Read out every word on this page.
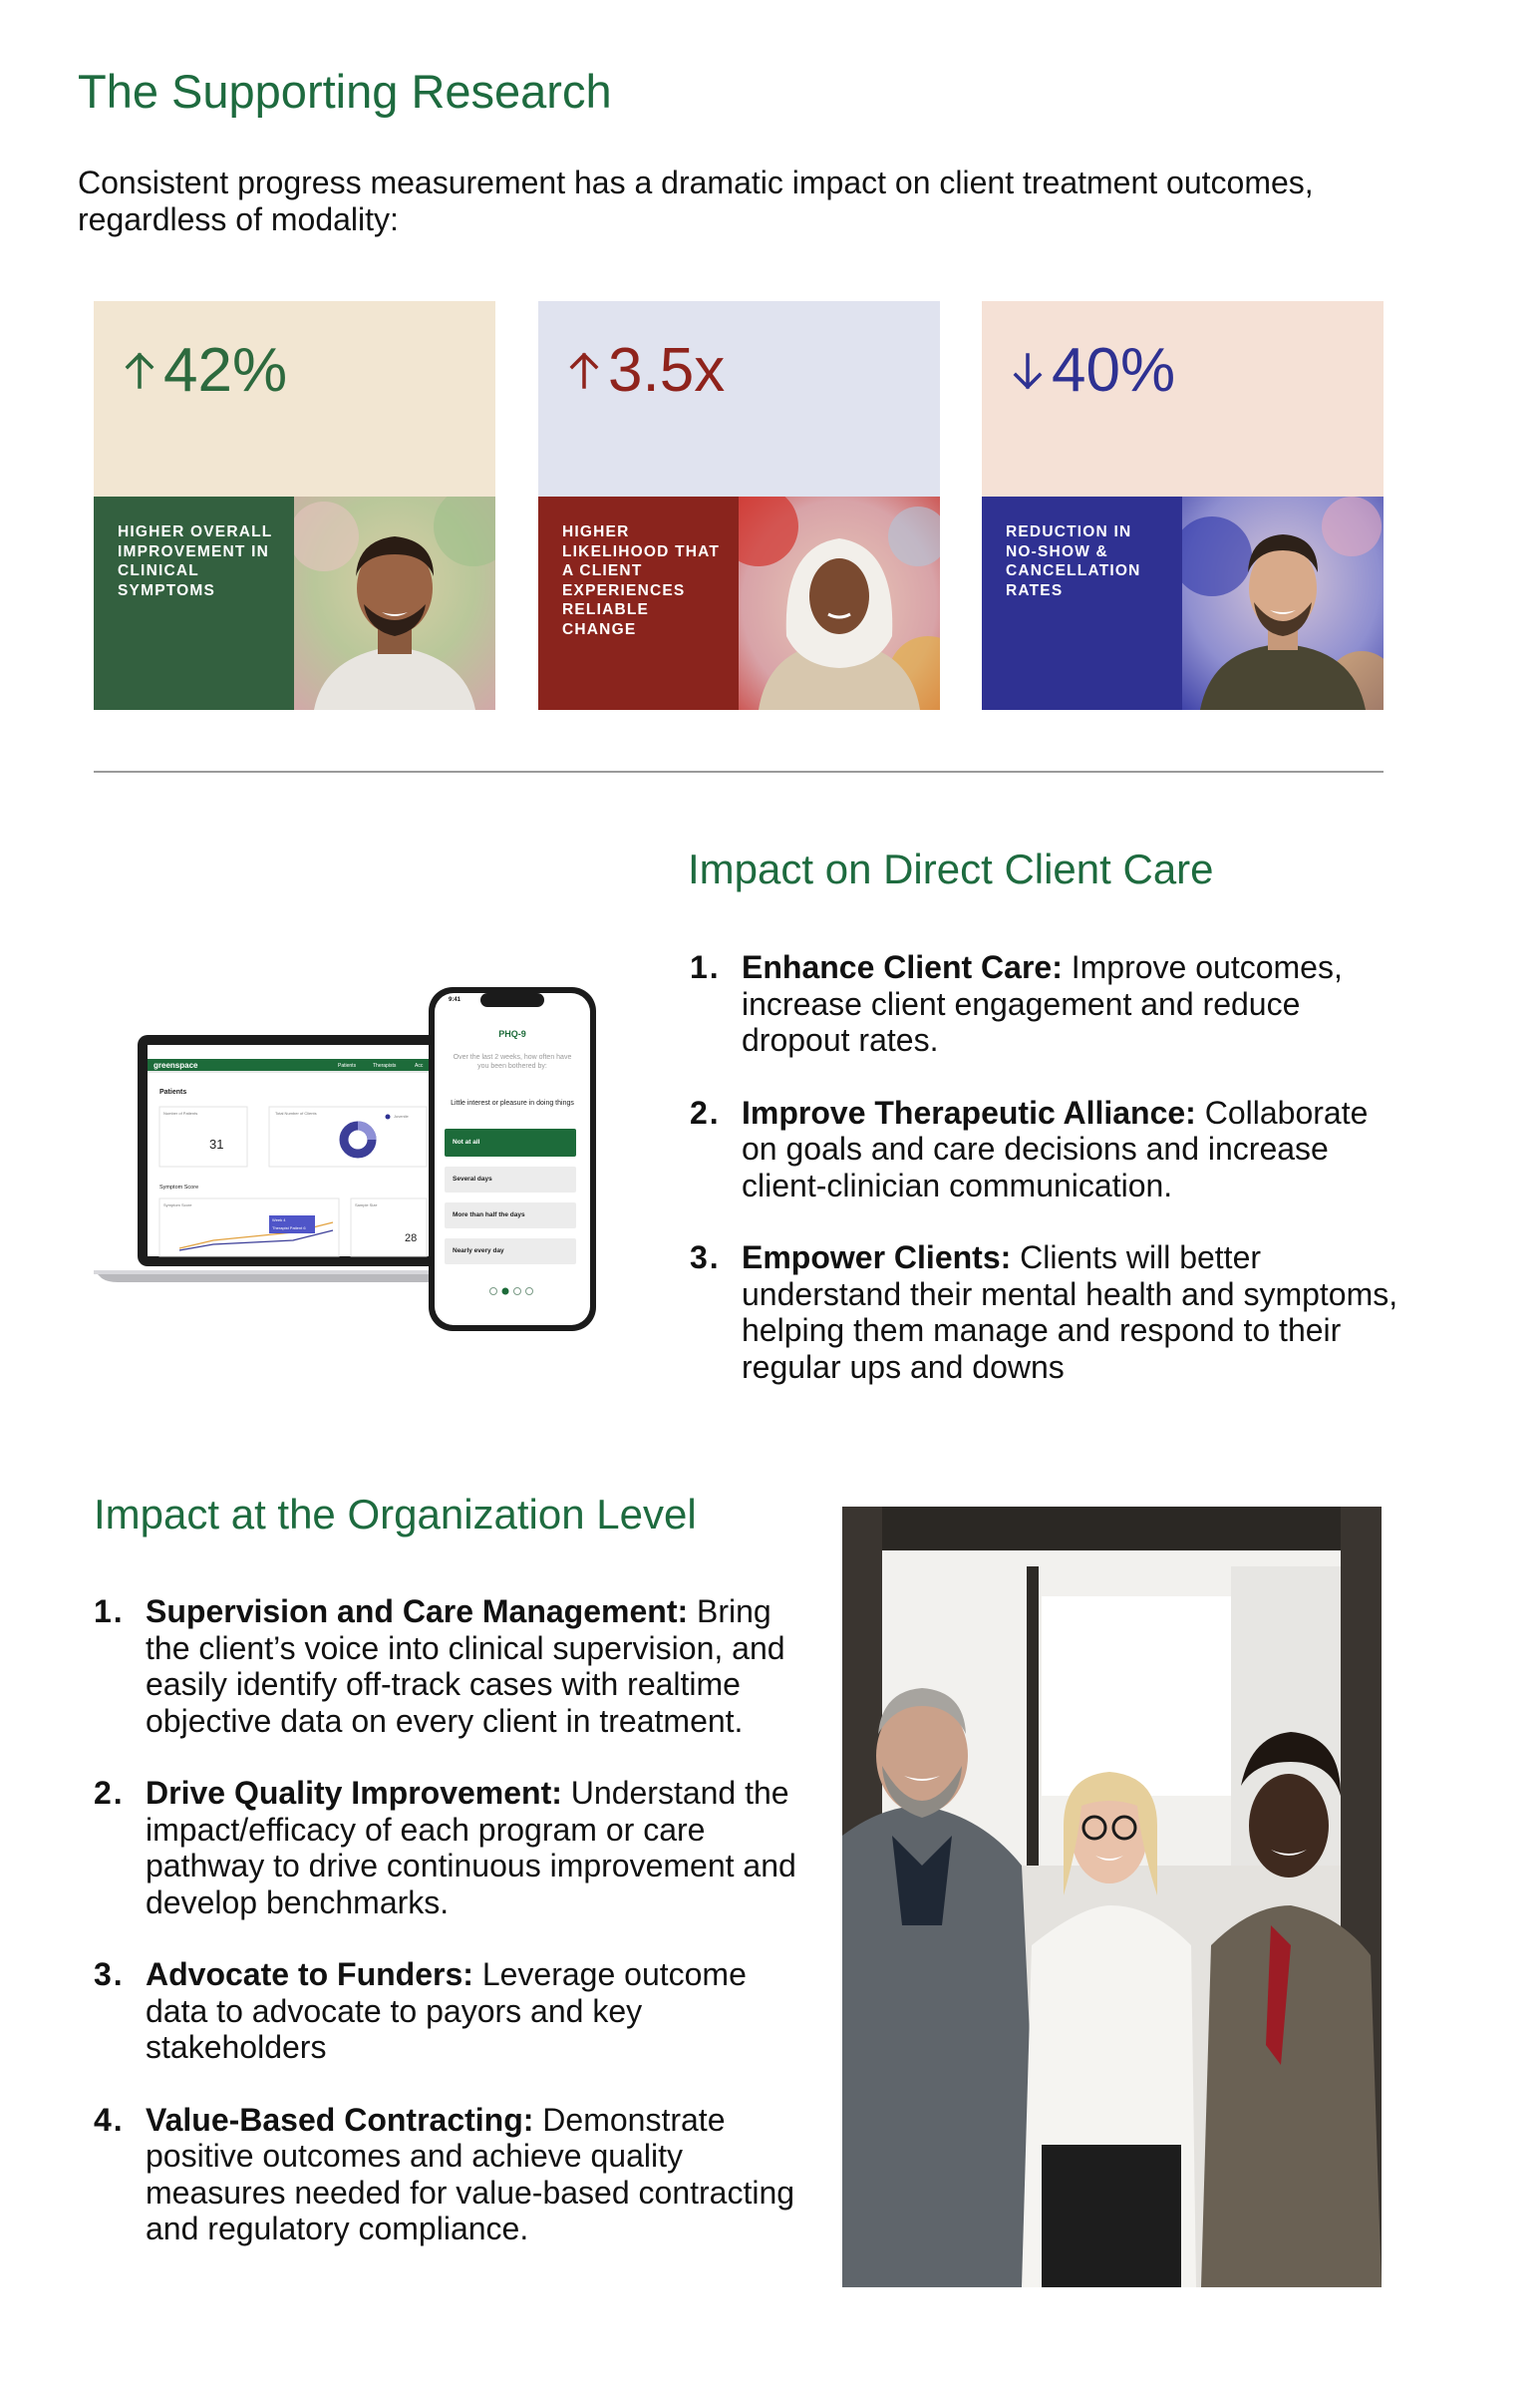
The Supporting Research

Consistent progress measurement has a dramatic impact on client treatment outcomes, regardless of modality:

42%
HIGHER OVERALL IMPROVEMENT IN CLINICAL SYMPTOMS
3.5x
HIGHER LIKELIHOOD THAT A CLIENT EXPERIENCES RELIABLE CHANGE
40%
REDUCTION IN NO-SHOW & CANCELLATION RATES
greenspace	Patients	Therapists	Acc
Patients
Number of Patients
31
Total Number of Clients
Juvenile
Symptom Score
Symptom Score
Week 4
Therapist Patient 6
Sample Size
28
9:41
PHQ-9
Over the last 2 weeks, how often have you been bothered by:
Little interest or pleasure in doing things
Not at all
Several days
More than half the days
Nearly every day
Impact on Direct Client Care
1. Enhance Client Care: Improve outcomes, increase client engagement and reduce dropout rates.
2. Improve Therapeutic Alliance: Collaborate on goals and care decisions and increase client-clinician communication.
3. Empower Clients: Clients will better understand their mental health and symptoms, helping them manage and respond to their regular ups and downs
Impact at the Organization Level
1. Supervision and Care Management: Bring the client’s voice into clinical supervision, and easily identify off-track cases with realtime objective data on every client in treatment.
2. Drive Quality Improvement: Understand the impact/efficacy of each program or care pathway to drive continuous improvement and develop benchmarks.
3. Advocate to Funders: Leverage outcome data to advocate to payors and key stakeholders
4. Value-Based Contracting: Demonstrate positive outcomes and achieve quality measures needed for value-based contracting and regulatory compliance.
